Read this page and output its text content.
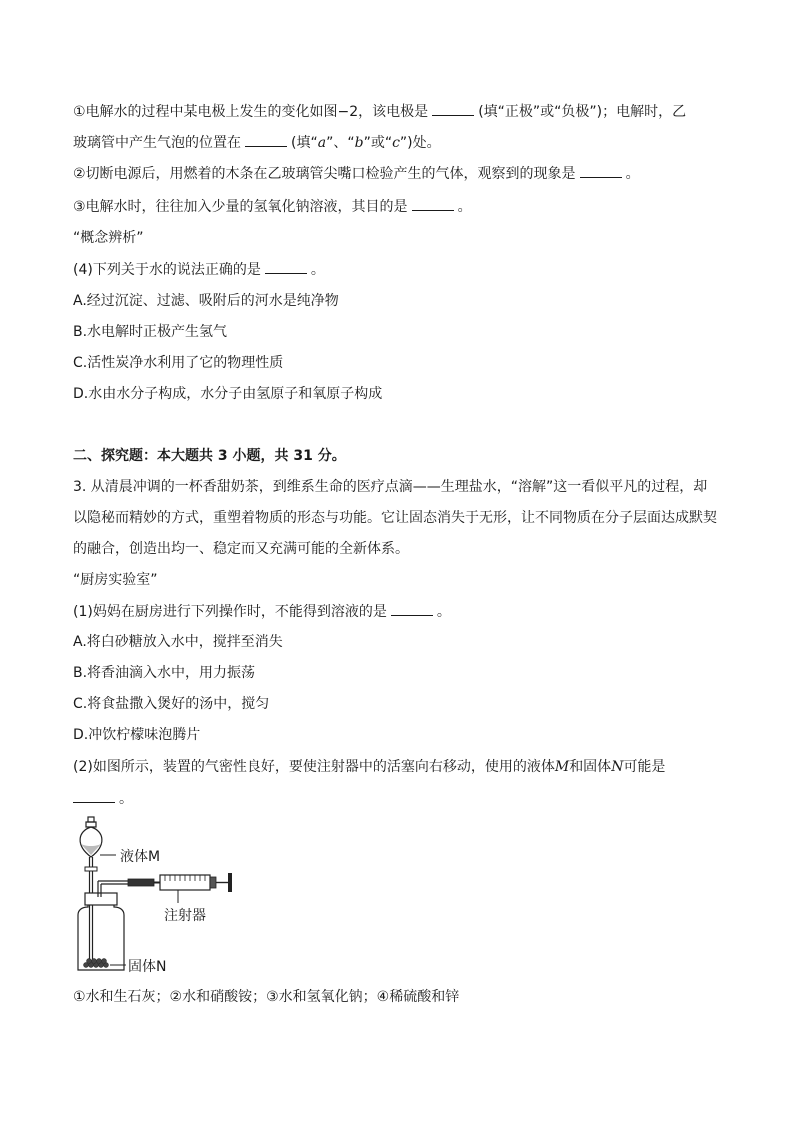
①电解水的过程中某电极上发生的变化如图−2，该电极是	(填“正极”或“负极”)；电解时，乙
玻璃管中产生气泡的位置在	(填“a”、“b”或“c”)处。
②切断电源后，用燃着的木条在乙玻璃管尖嘴口检验产生的气体，观察到的现象是	。
③电解水时，往往加入少量的氢氧化钠溶液，其目的是	。
“概念辨析”
(4)下列关于水的说法正确的是	。
A.经过沉淀、过滤、吸附后的河水是纯净物
B.水电解时正极产生氢气
C.活性炭净水利用了它的物理性质
D.水由水分子构成，水分子由氢原子和氧原子构成
二、探究题：本大题共 3 小题，共 31 分。
3. 从清晨冲调的一杯香甜奶茶，到维系生命的医疗点滴——生理盐水，“溶解”这一看似平凡的过程，却
以隐秘而精妙的方式，重塑着物质的形态与功能。它让固态消失于无形，让不同物质在分子层面达成默契
的融合，创造出均一、稳定而又充满可能的全新体系。
“厨房实验室”
(1)妈妈在厨房进行下列操作时，不能得到溶液的是	。
A.将白砂糖放入水中，搅拌至消失
B.将香油滴入水中，用力振荡
C.将食盐撒入煲好的汤中，搅匀
D.冲饮柠檬味泡腾片
(2)如图所示，装置的气密性良好，要使注射器中的活塞向右移动，使用的液体M和固体N可能是
。
液体M
注射器
固体N
①水和生石灰；②水和硝酸铵；③水和氢氧化钠；④稀硫酸和锌
